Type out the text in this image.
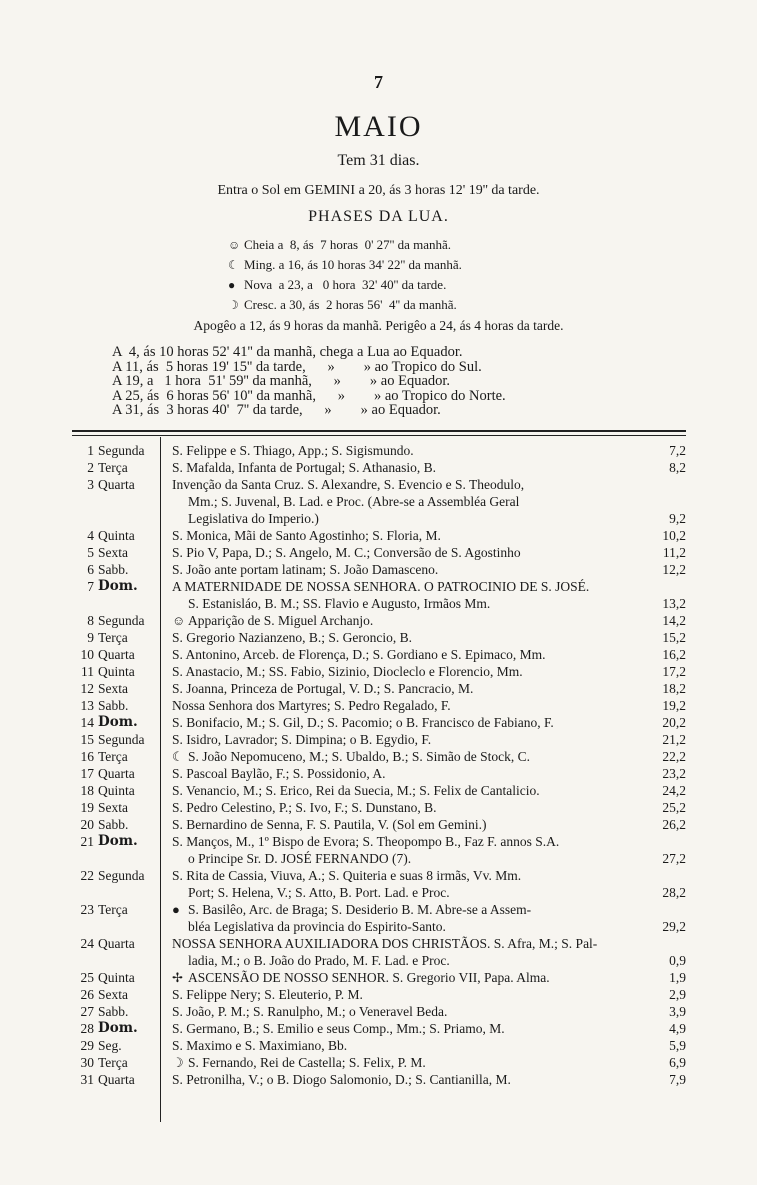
7
MAIO
Tem 31 dias.
Entra o Sol em GEMINI a 20, ás 3 horas 12' 19'' da tarde.
PHASES DA LUA.
☺ Cheia a  8, ás  7 horas  0' 27'' da manhã.
☾ Ming. a 16, ás 10 horas 34' 22'' da manhã.
● Nova  a 23, a   0 hora  32' 40'' da tarde.
☽ Cresc. a 30, ás  2 horas 56'  4'' da manhã.
Apogêo a 12, ás 9 horas da manhã. Perigêo a 24, ás 4 horas da tarde.
A  4, ás 10 horas 52' 41'' da manhã, chega a Lua ao Equador.
A 11, ás  5 horas 19' 15'' da tarde,      »        » ao Tropico do Sul.
A 19, a   1 hora  51' 59'' da manhã,      »        » ao Equador.
A 25, ás  6 horas 56' 10'' da manhã,      »        » ao Tropico do Norte.
A 31, ás  3 horas 40'  7'' da tarde,      »        » ao Equador.
1 Segunda	S. Felippe e S. Thiago, App.; S. Sigismundo.	7,2
2 Terça	S. Mafalda, Infanta de Portugal; S. Athanasio, B.	8,2
3 Quarta	Invenção da Santa Cruz. S. Alexandre, S. Evencio e S. Theodulo,
Mm.; S. Juvenal, B. Lad. e Proc. (Abre-se a Assembléa Geral
Legislativa do Imperio.)	9,2
4 Quinta	S. Monica, Mãi de Santo Agostinho; S. Floria, M.	10,2
5 Sexta	S. Pio V, Papa, D.; S. Angelo, M. C.; Conversão de S. Agostinho	11,2
6 Sabb.	S. João ante portam latinam; S. João Damasceno.	12,2
7 Dom.	A MATERNIDADE DE NOSSA SENHORA. O PATROCINIO DE S. JOSÉ.
S. Estanisláo, B. M.; SS. Flavio e Augusto, Irmãos Mm.	13,2
8 Segunda	☺ Apparição de S. Miguel Archanjo.	14,2
9 Terça	S. Gregorio Nazianzeno, B.; S. Geroncio, B.	15,2
10 Quarta	S. Antonino, Arceb. de Florença, D.; S. Gordiano e S. Epimaco, Mm.	16,2
11 Quinta	S. Anastacio, M.; SS. Fabio, Sizinio, Diocleclo e Florencio, Mm.	17,2
12 Sexta	S. Joanna, Princeza de Portugal, V. D.; S. Pancracio, M.	18,2
13 Sabb.	Nossa Senhora dos Martyres; S. Pedro Regalado, F.	19,2
14 Dom.	S. Bonifacio, M.; S. Gil, D.; S. Pacomio; o B. Francisco de Fabiano, F.	20,2
15 Segunda	S. Isidro, Lavrador; S. Dimpina; o B. Egydio, F.	21,2
16 Terça	☾ S. João Nepomuceno, M.; S. Ubaldo, B.; S. Simão de Stock, C.	22,2
17 Quarta	S. Pascoal Baylão, F.; S. Possidonio, A.	23,2
18 Quinta	S. Venancio, M.; S. Erico, Rei da Suecia, M.; S. Felix de Cantalicio.	24,2
19 Sexta	S. Pedro Celestino, P.; S. Ivo, F.; S. Dunstano, B.	25,2
20 Sabb.	S. Bernardino de Senna, F. S. Pautila, V. (Sol em Gemini.)	26,2
21 Dom.	S. Manços, M., 1º Bispo de Evora; S. Theopompo B., Faz F. annos S.A.
o Principe Sr. D. JOSÉ FERNANDO (7).	27,2
22 Segunda	S. Rita de Cassia, Viuva, A.; S. Quiteria e suas 8 irmãs, Vv. Mm.
Port; S. Helena, V.; S. Atto, B. Port. Lad. e Proc.	28,2
23 Terça	● S. Basilêo, Arc. de Braga; S. Desiderio B. M. Abre-se a Assem-
bléa Legislativa da provincia do Espirito-Santo.	29,2
24 Quarta	NOSSA SENHORA AUXILIADORA DOS CHRISTÃOS. S. Afra, M.; S. Pal-
ladia, M.; o B. João do Prado, M. F. Lad. e Proc.	0,9
25 Quinta	✢ ASCENSÃO DE NOSSO SENHOR. S. Gregorio VII, Papa. Alma.	1,9
26 Sexta	S. Felippe Nery; S. Eleuterio, P. M.	2,9
27 Sabb.	S. João, P. M.; S. Ranulpho, M.; o Veneravel Beda.	3,9
28 Dom.	S. Germano, B.; S. Emilio e seus Comp., Mm.; S. Priamo, M.	4,9
29 Seg.	S. Maximo e S. Maximiano, Bb.	5,9
30 Terça	☽ S. Fernando, Rei de Castella; S. Felix, P. M.	6,9
31 Quarta	S. Petronilha, V.; o B. Diogo Salomonio, D.; S. Cantianilla, M.	7,9
